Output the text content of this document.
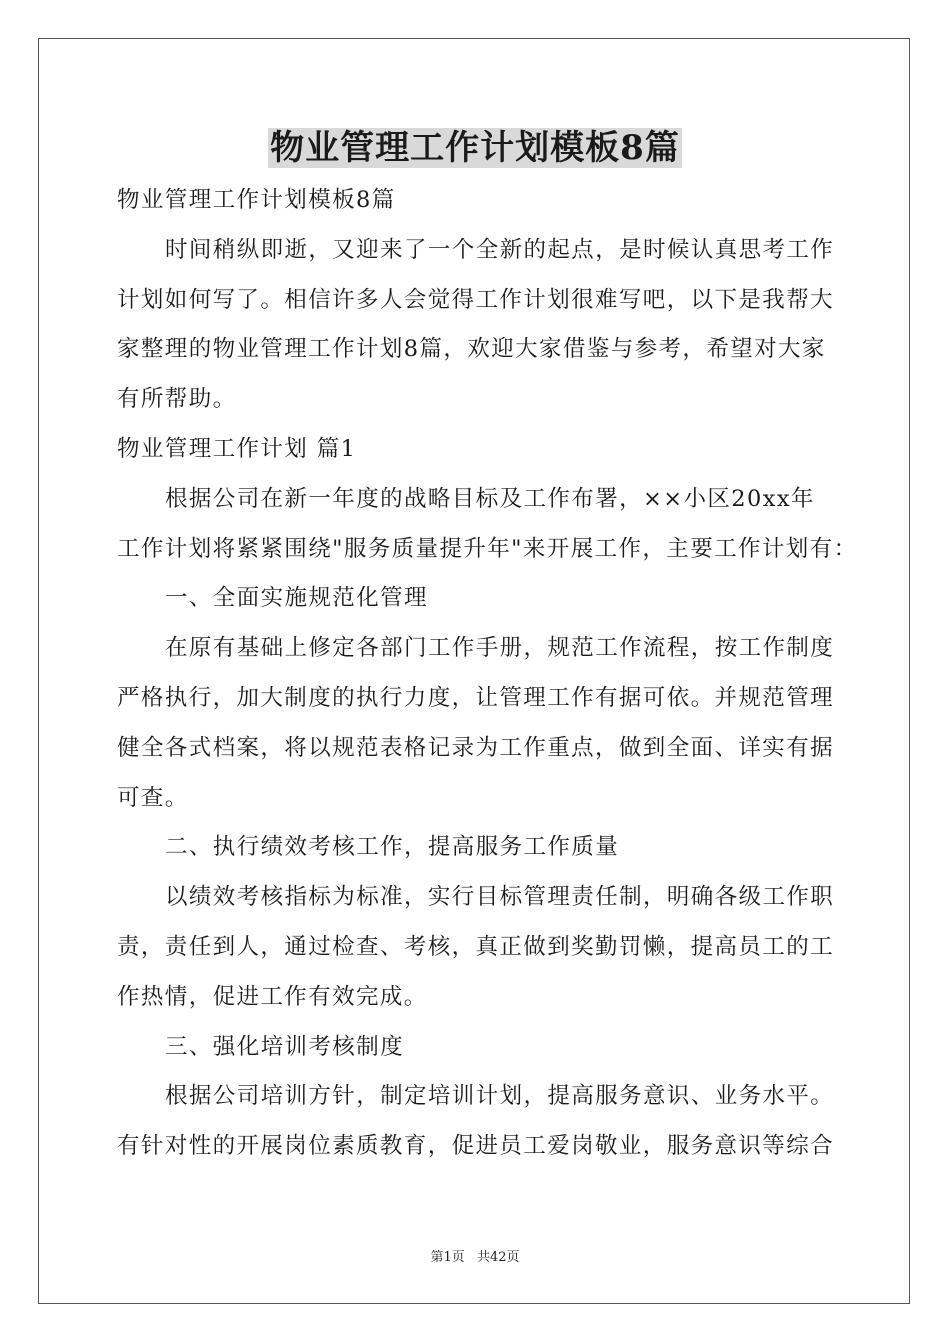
物业管理工作计划模板8篇
物业管理工作计划模板8篇
时间稍纵即逝，又迎来了一个全新的起点，是时候认真思考工作
计划如何写了。相信许多人会觉得工作计划很难写吧，以下是我帮大
家整理的物业管理工作计划8篇，欢迎大家借鉴与参考，希望对大家
有所帮助。
物业管理工作计划 篇1
根据公司在新一年度的战略目标及工作布署，××小区20xx年
工作计划将紧紧围绕"服务质量提升年"来开展工作，主要工作计划有：
一、全面实施规范化管理
在原有基础上修定各部门工作手册，规范工作流程，按工作制度
严格执行，加大制度的执行力度，让管理工作有据可依。并规范管理
健全各式档案，将以规范表格记录为工作重点，做到全面、详实有据
可查。
二、执行绩效考核工作，提高服务工作质量
以绩效考核指标为标准，实行目标管理责任制，明确各级工作职
责，责任到人，通过检查、考核，真正做到奖勤罚懒，提高员工的工
作热情，促进工作有效完成。
三、强化培训考核制度
根据公司培训方针，制定培训计划，提高服务意识、业务水平。
有针对性的开展岗位素质教育，促进员工爱岗敬业，服务意识等综合
第1页 共42页
